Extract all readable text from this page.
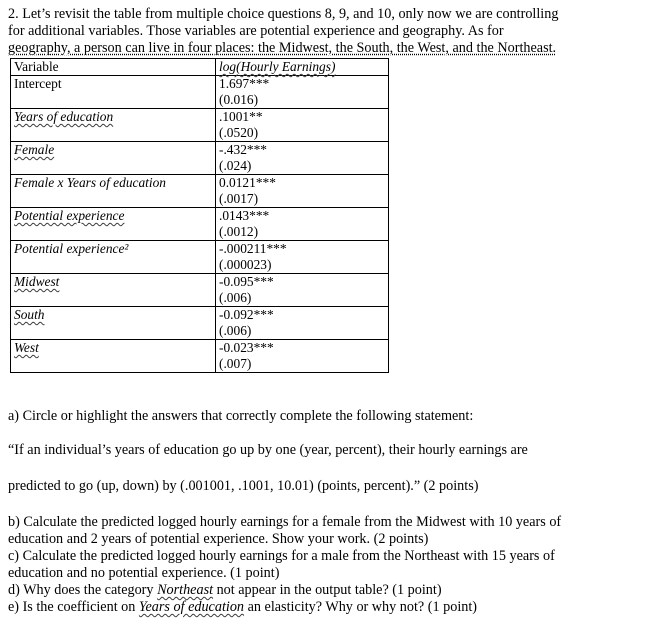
2. Let’s revisit the table from multiple choice questions 8, 9, and 10, only now we are controlling

for additional variables. Those variables are potential experience and geography. As for

geography, a person can live in four places: the Midwest, the South, the West, and the Northeast.

Variable	log(Hourly Earnings)
Intercept	1.697***
(0.016)

Years of education	.1001**
(.0520)

Female	-.432***
(.024)

Female x Years of education	0.0121***
(.0017)

Potential experience	.0143***
(.0012)

Potential experience²	-.000211***
(.000023)

Midwest	-0.095***
(.006)

South	-0.092***
(.006)

West	-0.023***
(.007)

a) Circle or highlight the answers that correctly complete the following statement:

“If an individual’s years of education go up by one (year, percent), their hourly earnings are

predicted to go (up, down) by (.001001, .1001, 10.01) (points, percent).” (2 points)

b) Calculate the predicted logged hourly earnings for a female from the Midwest with 10 years of

education and 2 years of potential experience. Show your work. (2 points)

c) Calculate the predicted logged hourly earnings for a male from the Northeast with 15 years of

education and no potential experience. (1 point)

d) Why does the category Northeast not appear in the output table? (1 point)

e) Is the coefficient on Years of education an elasticity? Why or why not? (1 point)
